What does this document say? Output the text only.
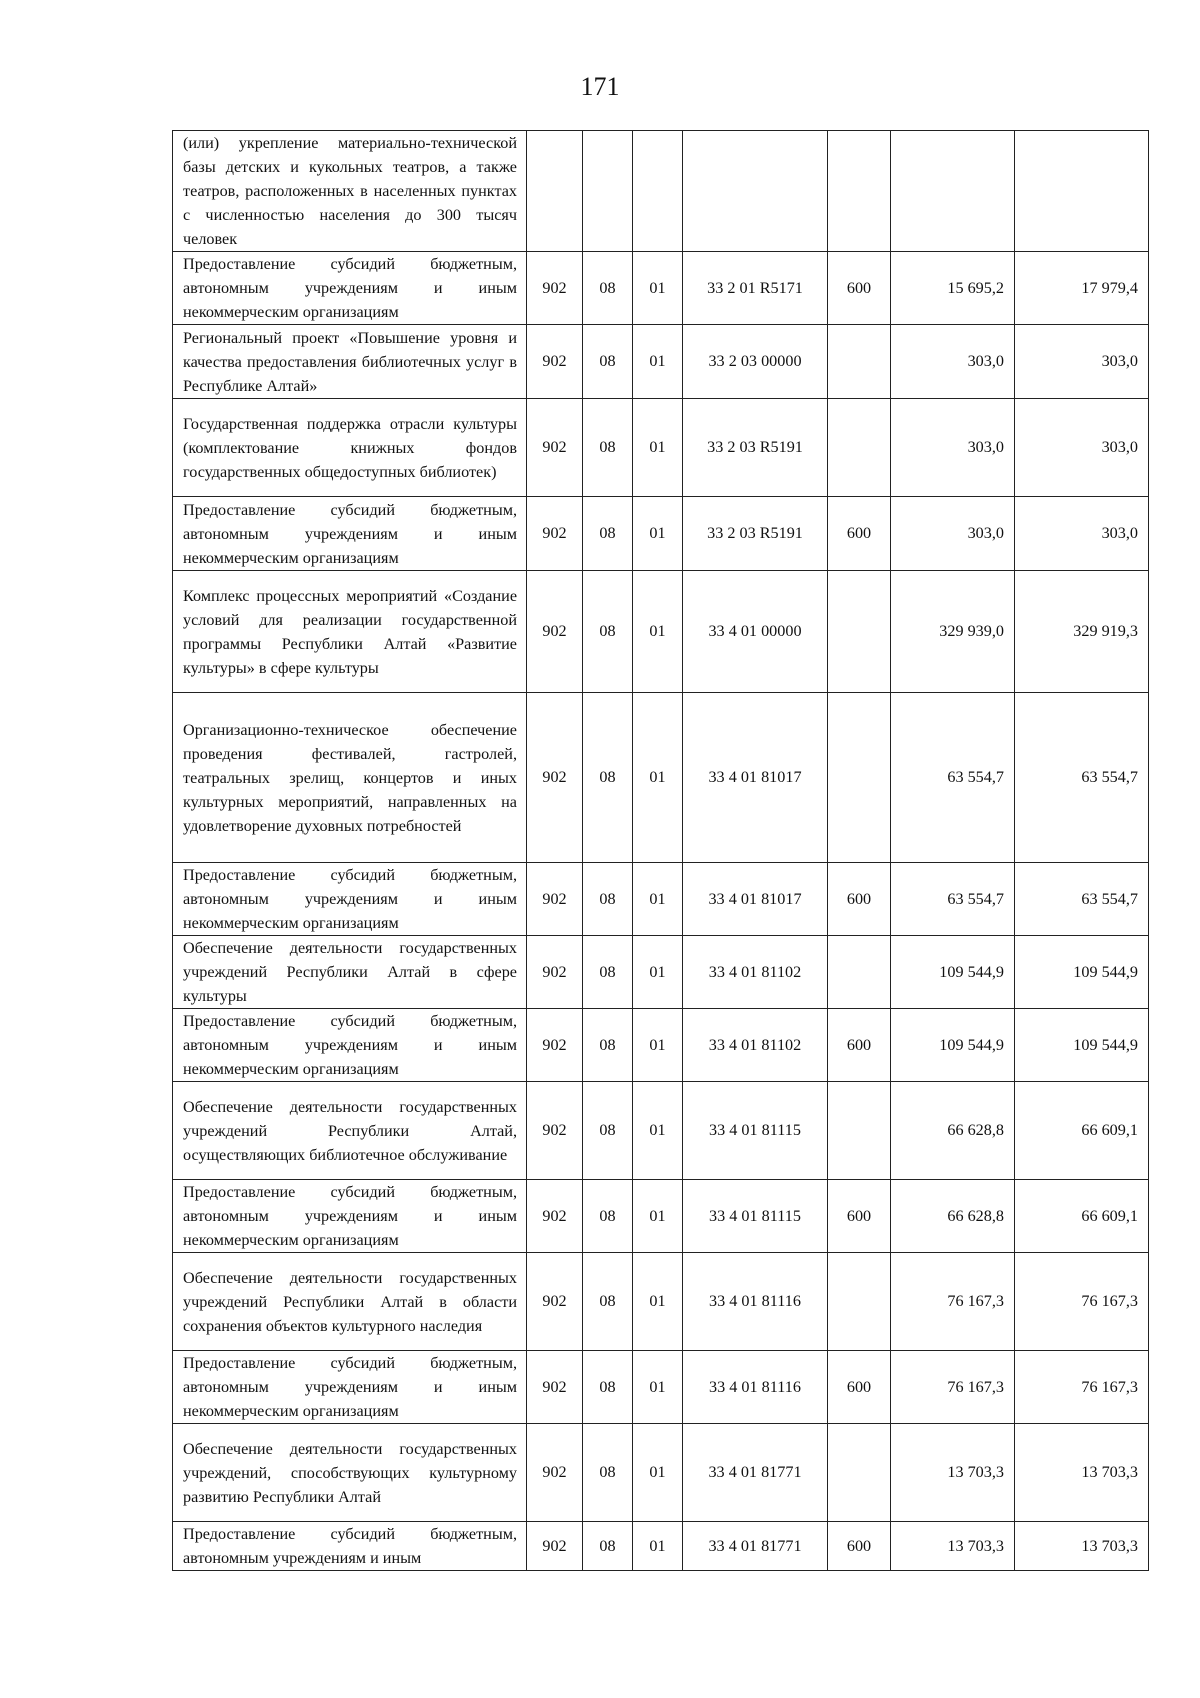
171
(или) укрепление материально-технической базы детских и кукольных театров, а также театров, расположенных в населенных пунктах с численностью населения до 300 тысяч человек							
Предоставление субсидий бюджетным, автономным учреждениям и иным некоммерческим организациям	902	08	01	33 2 01 R5171	600	15 695,2	17 979,4
Региональный проект «Повышение уровня и качества предоставления библиотечных услуг в Республике Алтай»	902	08	01	33 2 03 00000		303,0	303,0
Государственная поддержка отрасли культуры (комплектование книжных фондов государственных общедоступных библиотек)	902	08	01	33 2 03 R5191		303,0	303,0
Предоставление субсидий бюджетным, автономным учреждениям и иным некоммерческим организациям	902	08	01	33 2 03 R5191	600	303,0	303,0
Комплекс процессных мероприятий «Создание условий для реализации государственной программы Республики Алтай «Развитие культуры» в сфере культуры	902	08	01	33 4 01 00000		329 939,0	329 919,3
Организационно-техническое обеспечение проведения фестивалей, гастролей, театральных зрелищ, концертов и иных культурных мероприятий, направленных на удовлетворение духовных потребностей	902	08	01	33 4 01 81017		63 554,7	63 554,7
Предоставление субсидий бюджетным, автономным учреждениям и иным некоммерческим организациям	902	08	01	33 4 01 81017	600	63 554,7	63 554,7
Обеспечение деятельности государственных учреждений Республики Алтай в сфере культуры	902	08	01	33 4 01 81102		109 544,9	109 544,9
Предоставление субсидий бюджетным, автономным учреждениям и иным некоммерческим организациям	902	08	01	33 4 01 81102	600	109 544,9	109 544,9
Обеспечение деятельности государственных учреждений Республики Алтай, осуществляющих библиотечное обслуживание	902	08	01	33 4 01 81115		66 628,8	66 609,1
Предоставление субсидий бюджетным, автономным учреждениям и иным некоммерческим организациям	902	08	01	33 4 01 81115	600	66 628,8	66 609,1
Обеспечение деятельности государственных учреждений Республики Алтай в области сохранения объектов культурного наследия	902	08	01	33 4 01 81116		76 167,3	76 167,3
Предоставление субсидий бюджетным, автономным учреждениям и иным некоммерческим организациям	902	08	01	33 4 01 81116	600	76 167,3	76 167,3
Обеспечение деятельности государственных учреждений, способствующих культурному развитию Республики Алтай	902	08	01	33 4 01 81771		13 703,3	13 703,3
Предоставление субсидий бюджетным, автономным учреждениям и иным	902	08	01	33 4 01 81771	600	13 703,3	13 703,3
